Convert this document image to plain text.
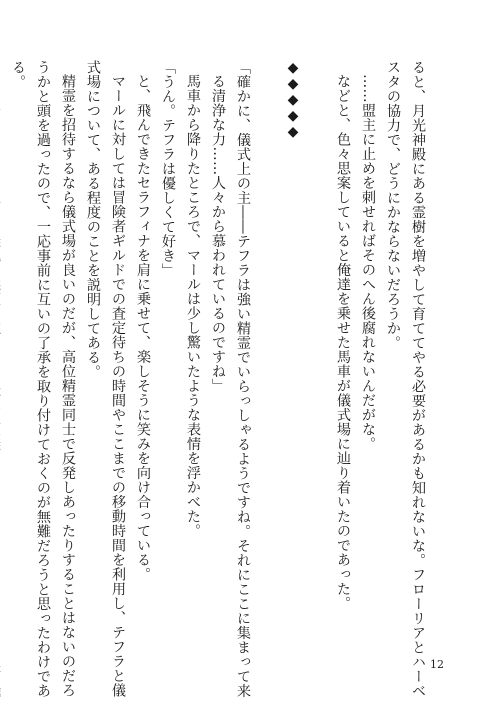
ると、月光神殿にある霊樹を増やして育ててやる必要があるかも知れないな。フローリアとハーベ

スタの協力で、どうにかならないだろうか。

……盟主に止めを刺せればそのへん後腐れないんだがな。

などと、色々思案していると俺達を乗せた馬車が儀式場に辿り着いたのであった。

◆◆◆◆◆

「確かに、儀式上の主――テフラは強い精霊でいらっしゃるようですね。それにここに集まって来

る清浄な力……人々から慕われているのですね」

馬車から降りたところで、マールは少し驚いたような表情を浮かべた。

「うん。テフラは優しくて好き」

と、飛んできたセラフィナを肩に乗せて、楽しそうに笑みを向け合っている。

マールに対しては冒険者ギルドでの査定待ちの時間やここまでの移動時間を利用し、テフラと儀

式場について、ある程度のことを説明してある。

精霊を招待するなら儀式場が良いのだが、高位精霊同士で反発しあったりすることはないのだろ

うかと頭を過ったので、一応事前に互いの了承を取り付けておくのが無難だろうと思ったわけであ

る。

12
